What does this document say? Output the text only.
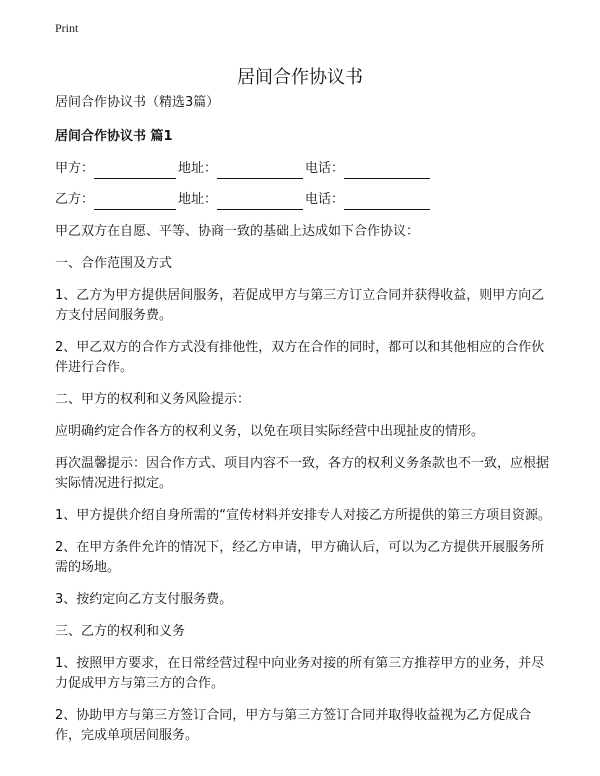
Print
居间合作协议书

居间合作协议书（精选3篇）

居间合作协议书 篇1

甲方：	地址：	电话：
乙方：	地址：	电话：

甲乙双方在自愿、平等、协商一致的基础上达成如下合作协议：

一、合作范围及方式

1、乙方为甲方提供居间服务，若促成甲方与第三方订立合同并获得收益，则甲方向乙方支付居间服务费。

2、甲乙双方的合作方式没有排他性，双方在合作的同时，都可以和其他相应的合作伙伴进行合作。

二、甲方的权利和义务风险提示：

应明确约定合作各方的权利义务，以免在项目实际经营中出现扯皮的情形。

再次温馨提示：因合作方式、项目内容不一致，各方的权利义务条款也不一致，应根据实际情况进行拟定。

1、甲方提供介绍自身所需的“宣传材料并安排专人对接乙方所提供的第三方项目资源。

2、在甲方条件允许的情况下，经乙方申请，甲方确认后，可以为乙方提供开展服务所需的场地。

3、按约定向乙方支付服务费。

三、乙方的权利和义务

1、按照甲方要求，在日常经营过程中向业务对接的所有第三方推荐甲方的业务，并尽力促成甲方与第三方的合作。

2、协助甲方与第三方签订合同，甲方与第三方签订合同并取得收益视为乙方促成合作，完成单项居间服务。
